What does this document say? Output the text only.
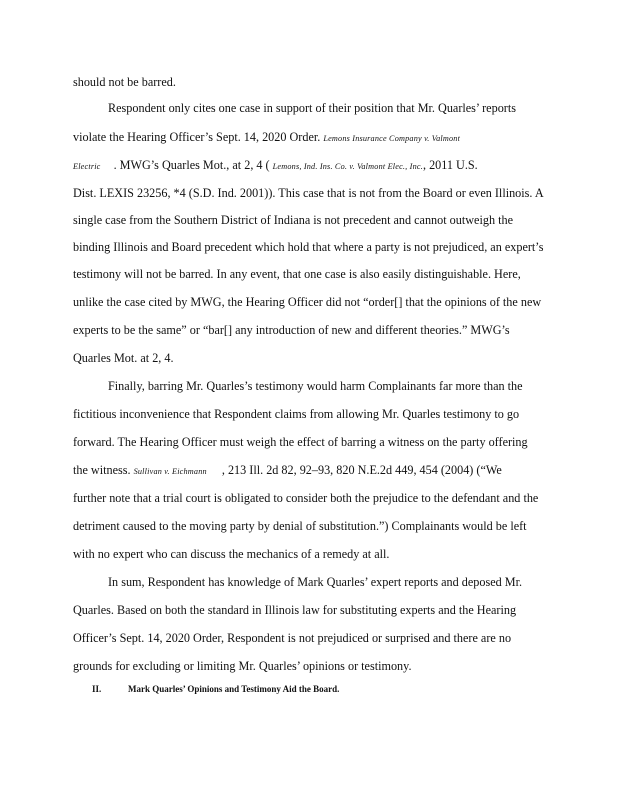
should not be barred.
Respondent only cites one case in support of their position that Mr. Quarles’ reports
violate the Hearing Officer’s Sept. 14, 2020 Order. Lemons Insurance Company v. Valmont
Electric . MWG’s Quarles Mot., at 2, 4 ( Lemons, Ind. Ins. Co. v. Valmont Elec., Inc., 2011 U.S.
Dist. LEXIS 23256, *4 (S.D. Ind. 2001)). This case that is not from the Board or even Illinois. A
single case from the Southern District of Indiana is not precedent and cannot outweigh the
binding Illinois and Board precedent which hold that where a party is not prejudiced, an expert’s
testimony will not be barred. In any event, that one case is also easily distinguishable. Here,
unlike the case cited by MWG, the Hearing Officer did not “order[] that the opinions of the new
experts to be the same” or “bar[] any introduction of new and different theories.” MWG’s
Quarles Mot. at 2, 4.
Finally, barring Mr. Quarles’s testimony would harm Complainants far more than the
fictitious inconvenience that Respondent claims from allowing Mr. Quarles testimony to go
forward. The Hearing Officer must weigh the effect of barring a witness on the party offering
the witness. Sullivan v. Eichmann , 213 Ill. 2d 82, 92–93, 820 N.E.2d 449, 454 (2004) (“We
further note that a trial court is obligated to consider both the prejudice to the defendant and the
detriment caused to the moving party by denial of substitution.”) Complainants would be left
with no expert who can discuss the mechanics of a remedy at all.
In sum, Respondent has knowledge of Mark Quarles’ expert reports and deposed Mr.
Quarles. Based on both the standard in Illinois law for substituting experts and the Hearing
Officer’s Sept. 14, 2020 Order, Respondent is not prejudiced or surprised and there are no
grounds for excluding or limiting Mr. Quarles’ opinions or testimony.
II.	Mark Quarles’ Opinions and Testimony Aid the Board.
